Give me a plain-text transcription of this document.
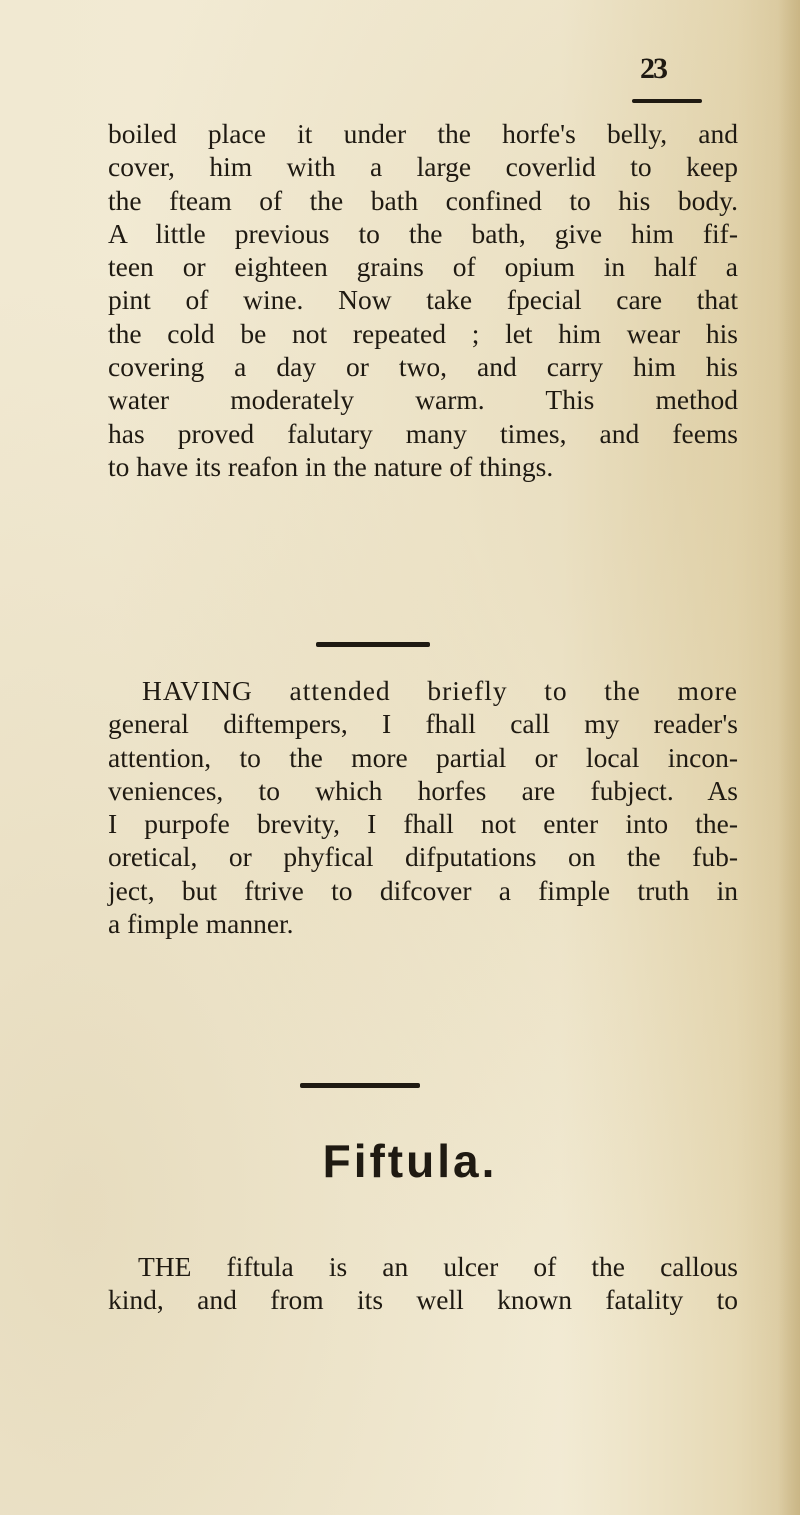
23
boiled place it under the horfe's belly, and
cover, him with a large coverlid to keep
the fteam of the bath confined to his body.
A little previous to the bath, give him fif-
teen or eighteen grains of opium in half a
pint of wine. Now take fpecial care that
the cold be not repeated ; let him wear his
covering a day or two, and carry him his
water moderately warm. This method
has proved falutary many times, and feems
to have its reafon in the nature of things.
HAVING attended briefly to the more
general diftempers, I fhall call my reader's
attention, to the more partial or local incon-
veniences, to which horfes are fubject. As
I purpofe brevity, I fhall not enter into the-
oretical, or phyfical difputations on the fub-
ject, but ftrive to difcover a fimple truth in
a fimple manner.
Fiftula.
THE fiftula is an ulcer of the callous
kind, and from its well known fatality to
